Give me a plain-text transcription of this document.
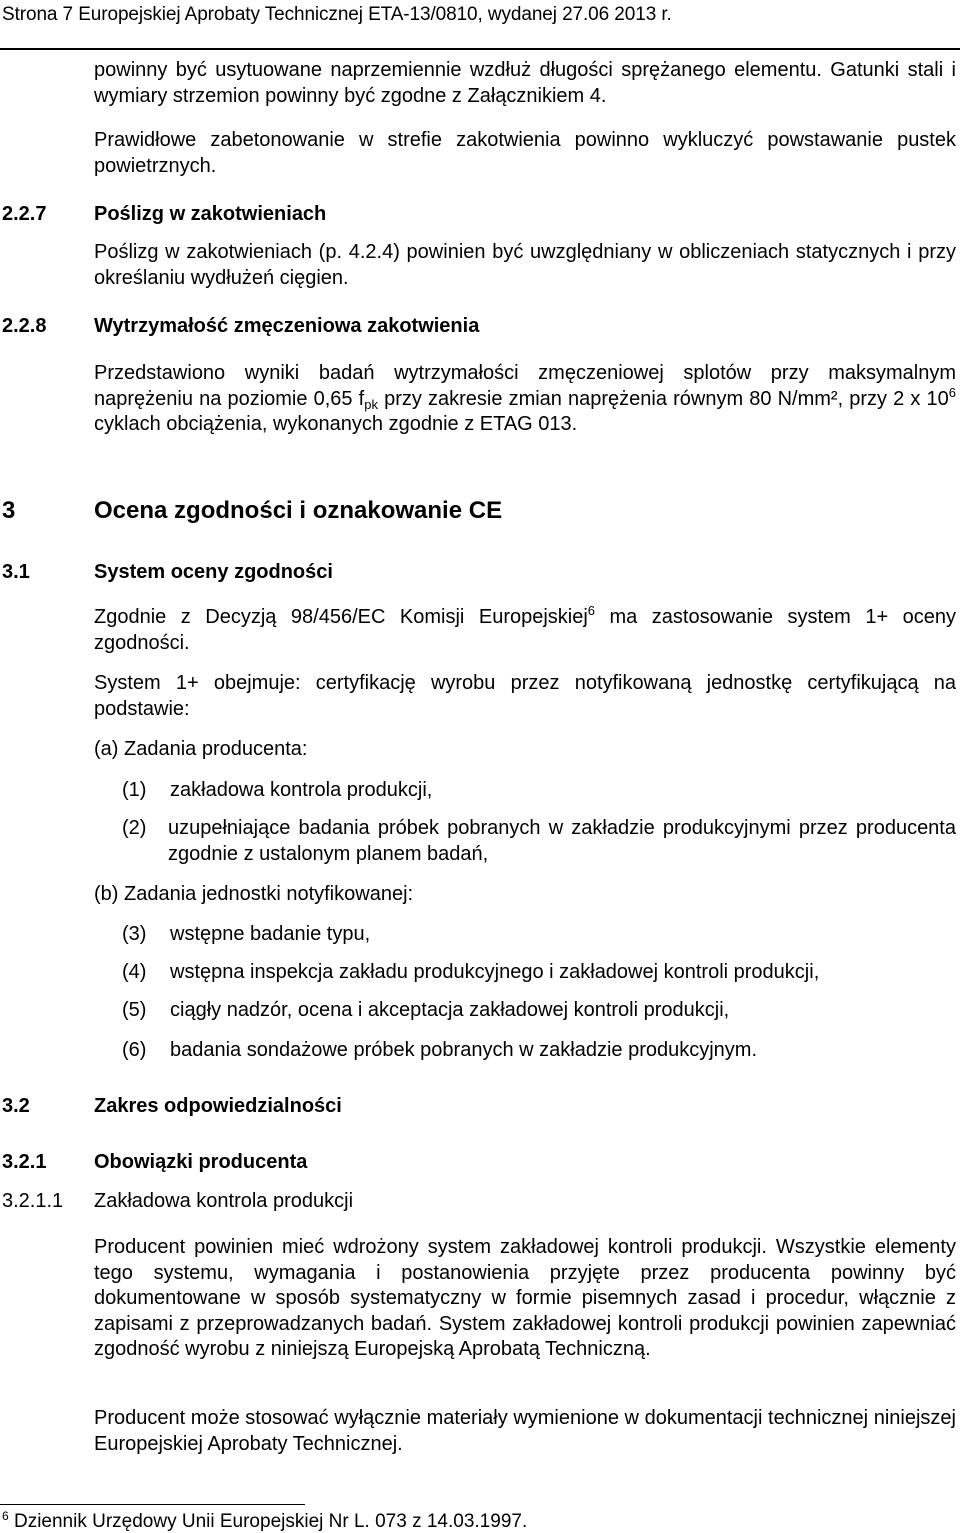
Strona 7 Europejskiej Aprobaty Technicznej ETA-13/0810, wydanej 27.06 2013 r.
powinny być usytuowane naprzemiennie wzdłuż długości sprężanego elementu. Gatunki stali i wymiary strzemion powinny być zgodne z Załącznikiem 4.
Prawidłowe zabetonowanie w strefie zakotwienia powinno wykluczyć powstawanie pustek powietrznych.
2.2.7 Poślizg w zakotwieniach
Poślizg w zakotwieniach (p. 4.2.4) powinien być uwzględniany w obliczeniach statycznych i przy określaniu wydłużeń cięgien.
2.2.8 Wytrzymałość zmęczeniowa zakotwienia
Przedstawiono wyniki badań wytrzymałości zmęczeniowej splotów przy maksymalnym naprężeniu na poziomie 0,65 $f_{pk}$ przy zakresie zmian naprężenia równym 80 N/mm², przy 2 x $10^6$ cyklach obciążenia, wykonanych zgodnie z ETAG 013.
3	Ocena zgodności i oznakowanie CE
3.1	System oceny zgodności
Zgodnie z Decyzją 98/456/EC Komisji Europejskiej$^6$ ma zastosowanie system 1+ oceny zgodności.
System 1+ obejmuje: certyfikację wyrobu przez notyfikowaną jednostkę certyfikującą na podstawie:
(a) Zadania producenta:
(1) zakładowa kontrola produkcji,
(2) uzupełniające badania próbek pobranych w zakładzie produkcyjnymi przez producenta zgodnie z ustalonym planem badań,
(b) Zadania jednostki notyfikowanej:
(3) wstępne badanie typu,
(4) wstępna inspekcja zakładu produkcyjnego i zakładowej kontroli produkcji,
(5) ciągły nadzór, ocena i akceptacja zakładowej kontroli produkcji,
(6) badania sondażowe próbek pobranych w zakładzie produkcyjnym.
3.2	Zakres odpowiedzialności
3.2.1 Obowiązki producenta
3.2.1.1 Zakładowa kontrola produkcji
Producent powinien mieć wdrożony system zakładowej kontroli produkcji. Wszystkie elementy tego systemu, wymagania i postanowienia przyjęte przez producenta powinny być dokumentowane w sposób systematyczny w formie pisemnych zasad i procedur, włącznie z zapisami z przeprowadzanych badań. System zakładowej kontroli produkcji powinien zapewniać zgodność wyrobu z niniejszą Europejską Aprobatą Techniczną.
Producent może stosować wyłącznie materiały wymienione w dokumentacji technicznej niniejszej Europejskiej Aprobaty Technicznej.
$^6$ Dziennik Urzędowy Unii Europejskiej Nr L. 073 z 14.03.1997.
